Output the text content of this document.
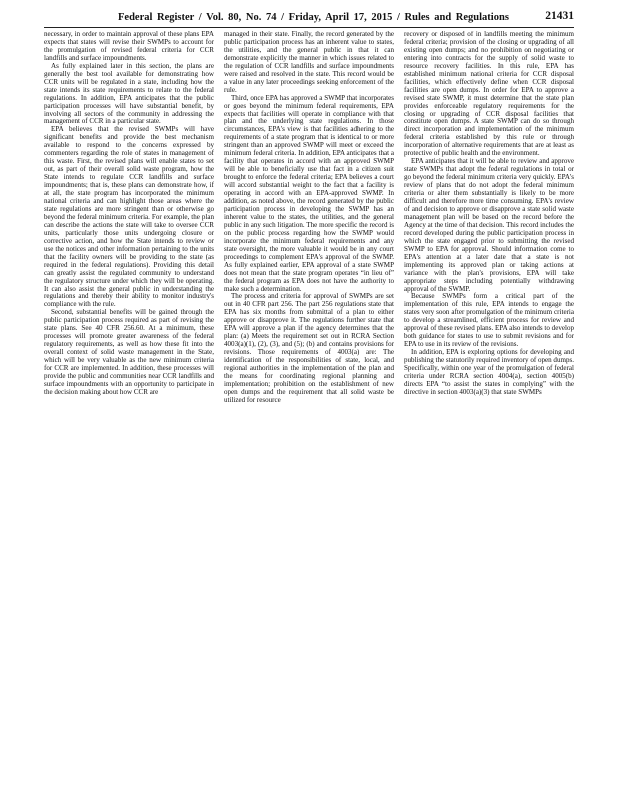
Federal Register / Vol. 80, No. 74 / Friday, April 17, 2015 / Rules and Regulations	21431

necessary, in order to maintain approval of these plans EPA expects that states will revise their SWMPs to account for the promulgation of revised federal criteria for CCR landfills and surface impoundments.

As fully explained later in this section, the plans are generally the best tool available for demonstrating how CCR units will be regulated in a state, including how the state intends its state requirements to relate to the federal regulations. In addition, EPA anticipates that the public participation processes will have substantial benefit, by involving all sectors of the community in addressing the management of CCR in a particular state.

EPA believes that the revised SWMPs will have significant benefits and provide the best mechanism available to respond to the concerns expressed by commenters regarding the role of states in management of this waste. First, the revised plans will enable states to set out, as part of their overall solid waste program, how the State intends to regulate CCR landfills and surface impoundments; that is, these plans can demonstrate how, if at all, the state program has incorporated the minimum national criteria and can highlight those areas where the state regulations are more stringent than or otherwise go beyond the federal minimum criteria. For example, the plan can describe the actions the state will take to oversee CCR units, particularly those units undergoing closure or corrective action, and how the State intends to review or use the notices and other information pertaining to the units that the facility owners will be providing to the state (as required in the federal regulations). Providing this detail can greatly assist the regulated community to understand the regulatory structure under which they will be operating. It can also assist the general public in understanding the regulations and thereby their ability to monitor industry's compliance with the rule.

Second, substantial benefits will be gained through the public participation process required as part of revising the state plans. See 40 CFR 256.60. At a minimum, these processes will promote greater awareness of the federal regulatory requirements, as well as how these fit into the overall context of solid waste management in the State, which will be very valuable as the new minimum criteria for CCR are implemented. In addition, these processes will provide the public and communities near CCR landfills and surface impoundments with an opportunity to participate in the decision making about how CCR are

managed in their state. Finally, the record generated by the public participation process has an inherent value to states, the utilities, and the general public in that it can demonstrate explicitly the manner in which issues related to the regulation of CCR landfills and surface impoundments were raised and resolved in the state. This record would be a value in any later proceedings seeking enforcement of the rule.

Third, once EPA has approved a SWMP that incorporates or goes beyond the minimum federal requirements, EPA expects that facilities will operate in compliance with that plan and the underlying state regulations. In those circumstances, EPA's view is that facilities adhering to the requirements of a state program that is identical to or more stringent than an approved SWMP will meet or exceed the minimum federal criteria. In addition, EPA anticipates that a facility that operates in accord with an approved SWMP will be able to beneficially use that fact in a citizen suit brought to enforce the federal criteria; EPA believes a court will accord substantial weight to the fact that a facility is operating in accord with an EPA-approved SWMP. In addition, as noted above, the record generated by the public participation process in developing the SWMP has an inherent value to the states, the utilities, and the general public in any such litigation. The more specific the record is on the public process regarding how the SWMP would incorporate the minimum federal requirements and any state oversight, the more valuable it would be in any court proceedings to complement EPA's approval of the SWMP. As fully explained earlier, EPA approval of a state SWMP does not mean that the state program operates “in lieu of” the federal program as EPA does not have the authority to make such a determination.

The process and criteria for approval of SWMPs are set out in 40 CFR part 256. The part 256 regulations state that EPA has six months from submittal of a plan to either approve or disapprove it. The regulations further state that EPA will approve a plan if the agency determines that the plan: (a) Meets the requirement set out in RCRA Section 4003(a)(1), (2), (3), and (5); (b) and contains provisions for revisions. Those requirements of 4003(a) are: The identification of the responsibilities of state, local, and regional authorities in the implementation of the plan and the means for coordinating regional planning and implementation; prohibition on the establishment of new open dumps and the requirement that all solid waste be utilized for resource

recovery or disposed of in landfills meeting the minimum federal criteria; provision of the closing or upgrading of all existing open dumps; and no prohibition on negotiating or entering into contracts for the supply of solid waste to resource recovery facilities. In this rule, EPA has established minimum national criteria for CCR disposal facilities, which effectively define when CCR disposal facilities are open dumps. In order for EPA to approve a revised state SWMP, it must determine that the state plan provides enforceable regulatory requirements for the closing or upgrading of CCR disposal facilities that constitute open dumps. A state SWMP can do so through direct incorporation and implementation of the minimum federal criteria established by this rule or through incorporation of alternative requirements that are at least as protective of public health and the environment.

EPA anticipates that it will be able to review and approve state SWMPs that adopt the federal regulations in total or go beyond the federal minimum criteria very quickly. EPA's review of plans that do not adopt the federal minimum criteria or alter them substantially is likely to be more difficult and therefore more time consuming. EPA's review of and decision to approve or disapprove a state solid waste management plan will be based on the record before the Agency at the time of that decision. This record includes the record developed during the public participation process in which the state engaged prior to submitting the revised SWMP to EPA for approval. Should information come to EPA's attention at a later date that a state is not implementing its approved plan or taking actions at variance with the plan's provisions, EPA will take appropriate steps including potentially withdrawing approval of the SWMP.

Because SWMPs form a critical part of the implementation of this rule, EPA intends to engage the states very soon after promulgation of the minimum criteria to develop a streamlined, efficient process for review and approval of these revised plans. EPA also intends to develop both guidance for states to use to submit revisions and for EPA to use in its review of the revisions.

In addition, EPA is exploring options for developing and publishing the statutorily required inventory of open dumps. Specifically, within one year of the promulgation of federal criteria under RCRA section 4004(a), section 4005(b) directs EPA “to assist the states in complying” with the directive in section 4003(a)(3) that state SWMPs
